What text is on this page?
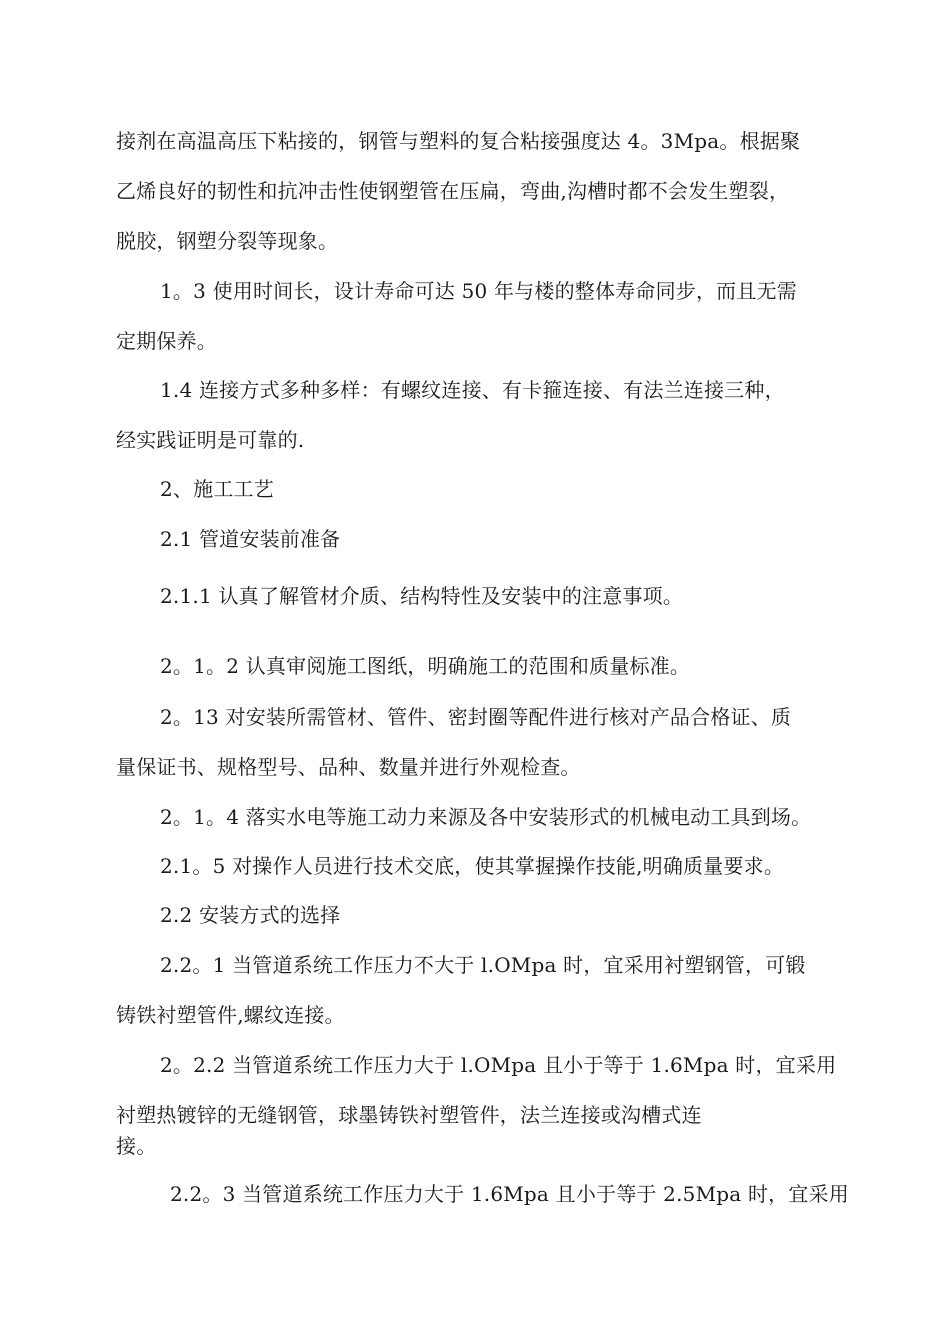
接剂在高温高压下粘接的，钢管与塑料的复合粘接强度达 4。3Mpa。根据聚
乙烯良好的韧性和抗冲击性使钢塑管在压扁，弯曲,沟槽时都不会发生塑裂，
脱胶，钢塑分裂等现象。
1。3 使用时间长，设计寿命可达 50 年与楼的整体寿命同步，而且无需
定期保养。
1.4 连接方式多种多样：有螺纹连接、有卡箍连接、有法兰连接三种，
经实践证明是可靠的.
2、施工工艺
2.1 管道安装前准备
2.1.1 认真了解管材介质、结构特性及安装中的注意事项。
2。1。2 认真审阅施工图纸，明确施工的范围和质量标准。
2。13 对安装所需管材、管件、密封圈等配件进行核对产品合格证、质
量保证书、规格型号、品种、数量并进行外观检查。
2。1。4 落实水电等施工动力来源及各中安装形式的机械电动工具到场。
2.1。5 对操作人员进行技术交底，使其掌握操作技能,明确质量要求。
2.2 安装方式的选择
2.2。1 当管道系统工作压力不大于 l.OMpa 时，宜采用衬塑钢管，可锻
铸铁衬塑管件,螺纹连接。
2。2.2 当管道系统工作压力大于 l.OMpa 且小于等于 1.6Mpa 时，宜采用
衬塑热镀锌的无缝钢管，球墨铸铁衬塑管件，法兰连接或沟槽式连
接。
2.2。3 当管道系统工作压力大于 1.6Mpa 且小于等于 2.5Mpa 时，宜采用
